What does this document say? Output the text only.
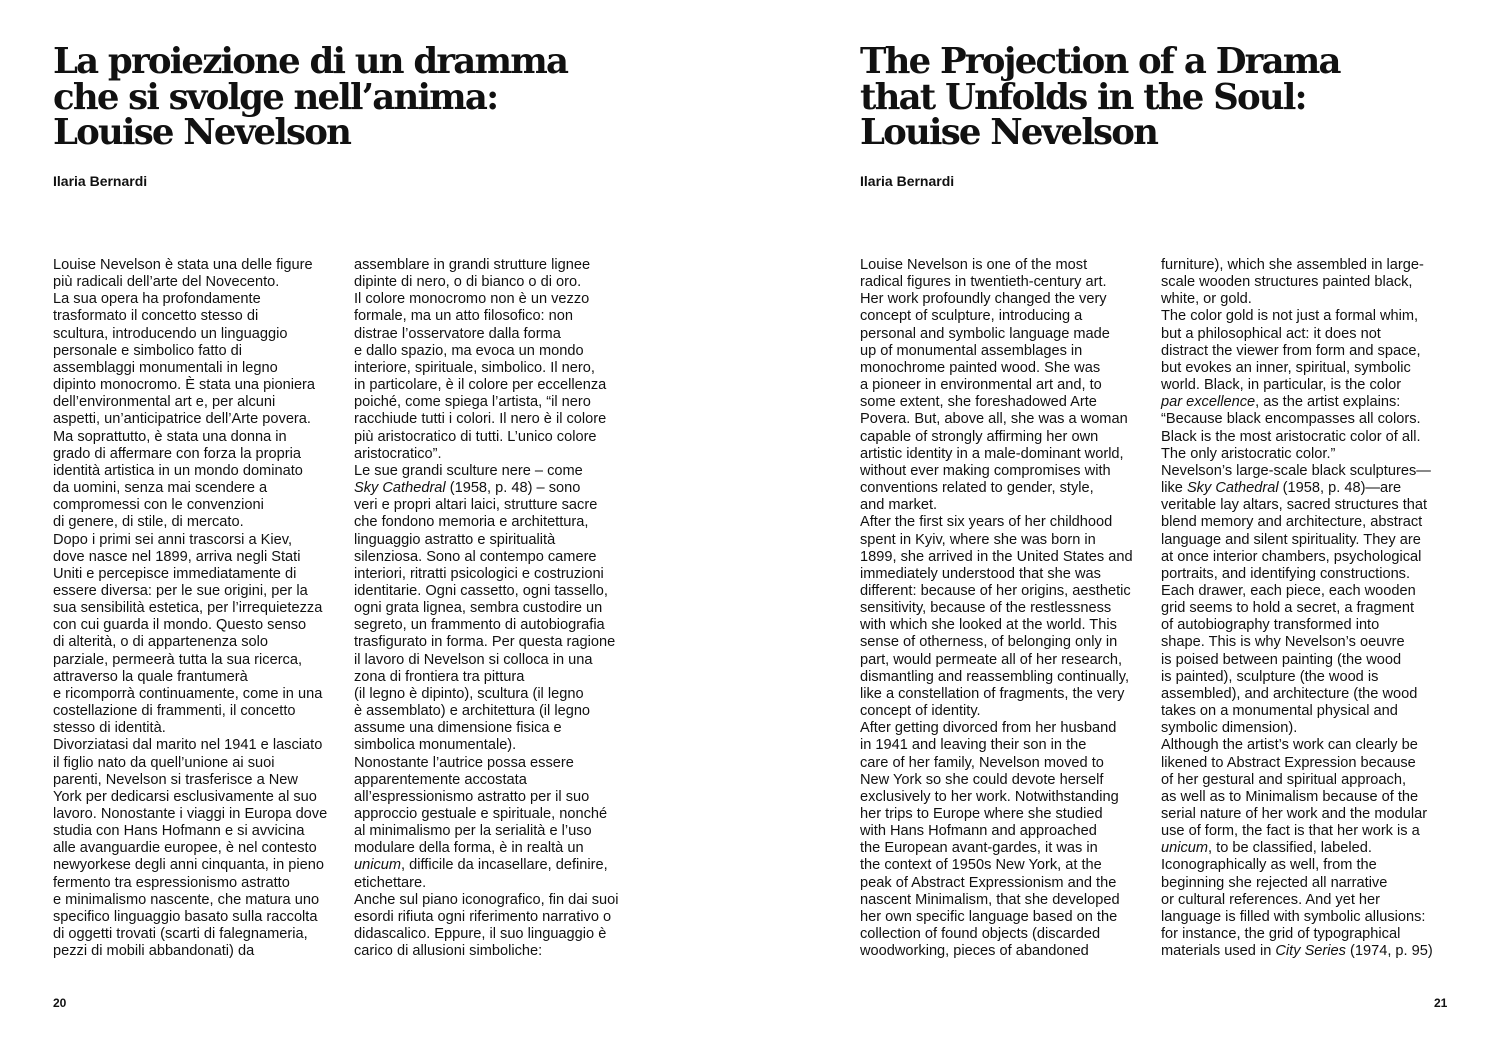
La proiezione di un dramma
che si svolge nell’anima:
Louise Nevelson
Ilaria Bernardi
Louise Nevelson è stata una delle figure
più radicali dell’arte del Novecento.
La sua opera ha profondamente
trasformato il concetto stesso di
scultura, introducendo un linguaggio
personale e simbolico fatto di
assemblaggi monumentali in legno
dipinto monocromo. È stata una pioniera
dell’environmental art e, per alcuni
aspetti, un’anticipatrice dell’Arte povera.
Ma soprattutto, è stata una donna in
grado di affermare con forza la propria
identità artistica in un mondo dominato
da uomini, senza mai scendere a
compromessi con le convenzioni
di genere, di stile, di mercato.
Dopo i primi sei anni trascorsi a Kiev,
dove nasce nel 1899, arriva negli Stati
Uniti e percepisce immediatamente di
essere diversa: per le sue origini, per la
sua sensibilità estetica, per l’irrequietezza
con cui guarda il mondo. Questo senso
di alterità, o di appartenenza solo
parziale, permeerà tutta la sua ricerca,
attraverso la quale frantumerà
e ricomporrà continuamente, come in una
costellazione di frammenti, il concetto
stesso di identità.
Divorziatasi dal marito nel 1941 e lasciato
il figlio nato da quell’unione ai suoi
parenti, Nevelson si trasferisce a New
York per dedicarsi esclusivamente al suo
lavoro. Nonostante i viaggi in Europa dove
studia con Hans Hofmann e si avvicina
alle avanguardie europee, è nel contesto
newyorkese degli anni cinquanta, in pieno
fermento tra espressionismo astratto
e minimalismo nascente, che matura uno
specifico linguaggio basato sulla raccolta
di oggetti trovati (scarti di falegnameria,
pezzi di mobili abbandonati) da
assemblare in grandi strutture lignee
dipinte di nero, o di bianco o di oro.
Il colore monocromo non è un vezzo
formale, ma un atto filosofico: non
distrae l’osservatore dalla forma
e dallo spazio, ma evoca un mondo
interiore, spirituale, simbolico. Il nero,
in particolare, è il colore per eccellenza
poiché, come spiega l’artista, “il nero
racchiude tutti i colori. Il nero è il colore
più aristocratico di tutti. L’unico colore
aristocratico”.
Le sue grandi sculture nere – come
Sky Cathedral (1958, p. 48) – sono
veri e propri altari laici, strutture sacre
che fondono memoria e architettura,
linguaggio astratto e spiritualità
silenziosa. Sono al contempo camere
interiori, ritratti psicologici e costruzioni
identitarie. Ogni cassetto, ogni tassello,
ogni grata lignea, sembra custodire un
segreto, un frammento di autobiografia
trasfigurato in forma. Per questa ragione
il lavoro di Nevelson si colloca in una
zona di frontiera tra pittura
(il legno è dipinto), scultura (il legno
è assemblato) e architettura (il legno
assume una dimensione fisica e
simbolica monumentale).
Nonostante l’autrice possa essere
apparentemente accostata
all’espressionismo astratto per il suo
approccio gestuale e spirituale, nonché
al minimalismo per la serialità e l’uso
modulare della forma, è in realtà un
unicum, difficile da incasellare, definire,
etichettare.
Anche sul piano iconografico, fin dai suoi
esordi rifiuta ogni riferimento narrativo o
didascalico. Eppure, il suo linguaggio è
carico di allusioni simboliche:
20
The Projection of a Drama
that Unfolds in the Soul:
Louise Nevelson
Ilaria Bernardi
Louise Nevelson is one of the most
radical figures in twentieth-century art.
Her work profoundly changed the very
concept of sculpture, introducing a
personal and symbolic language made
up of monumental assemblages in
monochrome painted wood. She was
a pioneer in environmental art and, to
some extent, she foreshadowed Arte
Povera. But, above all, she was a woman
capable of strongly affirming her own
artistic identity in a male-dominant world,
without ever making compromises with
conventions related to gender, style,
and market.
After the first six years of her childhood
spent in Kyiv, where she was born in
1899, she arrived in the United States and
immediately understood that she was
different: because of her origins, aesthetic
sensitivity, because of the restlessness
with which she looked at the world. This
sense of otherness, of belonging only in
part, would permeate all of her research,
dismantling and reassembling continually,
like a constellation of fragments, the very
concept of identity.
After getting divorced from her husband
in 1941 and leaving their son in the
care of her family, Nevelson moved to
New York so she could devote herself
exclusively to her work. Notwithstanding
her trips to Europe where she studied
with Hans Hofmann and approached
the European avant-gardes, it was in
the context of 1950s New York, at the
peak of Abstract Expressionism and the
nascent Minimalism, that she developed
her own specific language based on the
collection of found objects (discarded
woodworking, pieces of abandoned
furniture), which she assembled in large-
scale wooden structures painted black,
white, or gold.
The color gold is not just a formal whim,
but a philosophical act: it does not
distract the viewer from form and space,
but evokes an inner, spiritual, symbolic
world. Black, in particular, is the color
par excellence, as the artist explains:
“Because black encompasses all colors.
Black is the most aristocratic color of all.
The only aristocratic color.”
Nevelson’s large-scale black sculptures—
like Sky Cathedral (1958, p. 48)—are
veritable lay altars, sacred structures that
blend memory and architecture, abstract
language and silent spirituality. They are
at once interior chambers, psychological
portraits, and identifying constructions.
Each drawer, each piece, each wooden
grid seems to hold a secret, a fragment
of autobiography transformed into
shape. This is why Nevelson’s oeuvre
is poised between painting (the wood
is painted), sculpture (the wood is
assembled), and architecture (the wood
takes on a monumental physical and
symbolic dimension).
Although the artist’s work can clearly be
likened to Abstract Expression because
of her gestural and spiritual approach,
as well as to Minimalism because of the
serial nature of her work and the modular
use of form, the fact is that her work is a
unicum, to be classified, labeled.
Iconographically as well, from the
beginning she rejected all narrative
or cultural references. And yet her
language is filled with symbolic allusions:
for instance, the grid of typographical
materials used in City Series (1974, p. 95)
21
